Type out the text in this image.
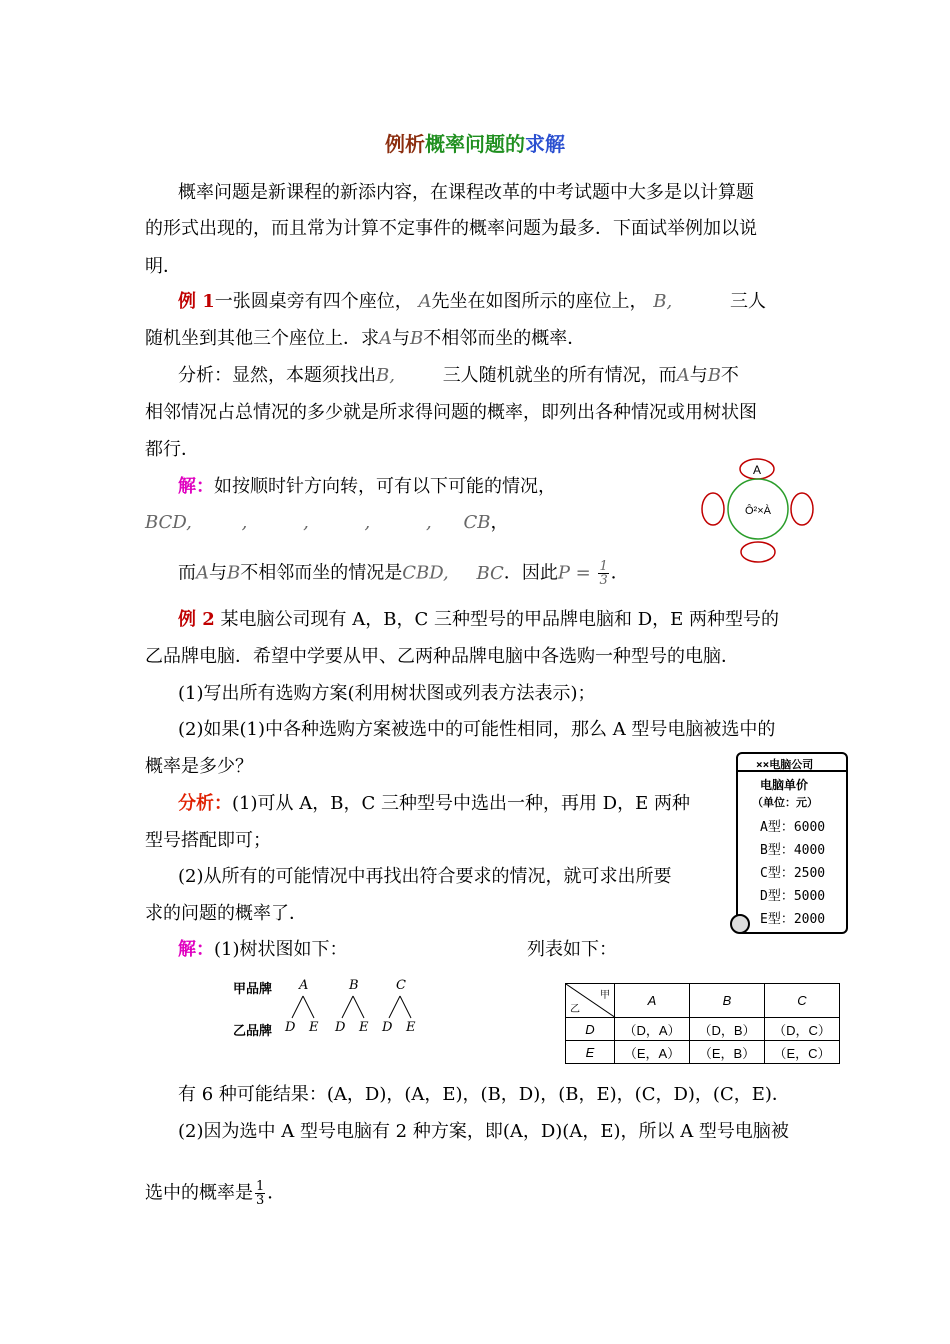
例析概率问题的求解
概率问题是新课程的新添内容，在课程改革的中考试题中大多是以计算题
的形式出现的，而且常为计算不定事件的概率问题为最多．下面试举例加以说
明．
例 1一张圆桌旁有四个座位， A先坐在如图所示的座位上， B,	三人
随机坐到其他三个座位上．求A与B不相邻而坐的概率．
分析：显然，本题须找出B,	三人随机就坐的所有情况，而A与B不
相邻情况占总情况的多少就是所求得问题的概率，即列出各种情况或用树状图
都行．
解：如按顺时针方向转，可有以下可能的情况，
BCD,	,	,	,	, CB，
而A与B不相邻而坐的情况是CBD, BC．因此$P = \frac{1}{3}$ ．
A
Ô²×À
例 2 某电脑公司现有 A，B，C 三种型号的甲品牌电脑和 D，E 两种型号的
乙品牌电脑．希望中学要从甲、乙两种品牌电脑中各选购一种型号的电脑．
(1)写出所有选购方案(利用树状图或列表方法表示)；
(2)如果(1)中各种选购方案被选中的可能性相同，那么 A 型号电脑被选中的
概率是多少？
分析：(1)可从 A，B，C 三种型号中选出一种，再用 D，E 两种
型号搭配即可；
(2)从所有的可能情况中再找出符合要求的情况，就可求出所要
求的问题的概率了．
解：(1)树状图如下：	列表如下：
××电脑公司
电脑单价
（单位：元）
A型：6000
B型：4000
C型：2500
D型：5000
E型：2000
甲品牌
乙品牌
A	B	C
D E D E D E
甲
乙	A	B	C
D	（D，A）	（D，B）	（D，C）
E	（E，A）	（E，B）	（E，C）
有 6 种可能结果：(A，D)，(A，E)，(B，D)，(B，E)，(C，D)，(C，E)．
(2)因为选中 A 型号电脑有 2 种方案，即(A，D)(A，E)，所以 A 型号电脑被
选中的概率是 $\frac{1}{3}$ ．
